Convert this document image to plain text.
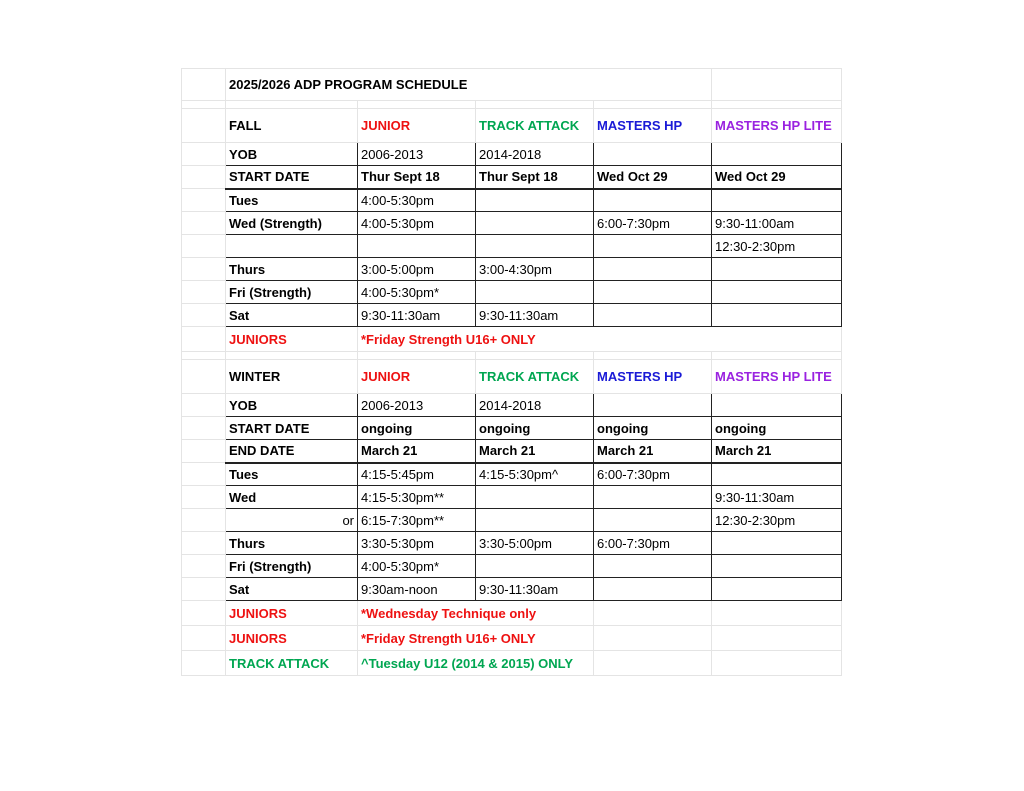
	2025/2026 ADP PROGRAM SCHEDULE				

	FALL	JUNIOR	TRACK ATTACK	MASTERS HP	MASTERS HP LITE
	YOB	2006-2013	2014-2018		
	START DATE	Thur Sept 18	Thur Sept 18	Wed Oct 29	Wed Oct 29
	Tues	4:00-5:30pm			
	Wed (Strength)	4:00-5:30pm		6:00-7:30pm	9:30-11:00am
					12:30-2:30pm
	Thurs	3:00-5:00pm	3:00-4:30pm		
	Fri (Strength)	4:00-5:30pm*			
	Sat	9:30-11:30am	9:30-11:30am		
	JUNIORS	*Friday Strength U16+ ONLY			

	WINTER	JUNIOR	TRACK ATTACK	MASTERS HP	MASTERS HP LITE
	YOB	2006-2013	2014-2018		
	START DATE	ongoing	ongoing	ongoing	ongoing
	END DATE	March 21	March 21	March 21	March 21
	Tues	4:15-5:45pm	4:15-5:30pm^	6:00-7:30pm	
	Wed	4:15-5:30pm**			9:30-11:30am
	or	6:15-7:30pm**			12:30-2:30pm
	Thurs	3:30-5:30pm	3:30-5:00pm	6:00-7:30pm	
	Fri (Strength)	4:00-5:30pm*			
	Sat	9:30am-noon	9:30-11:30am		
	JUNIORS	*Wednesday Technique only			
	JUNIORS	*Friday Strength U16+ ONLY			
	TRACK ATTACK	^Tuesday U12 (2014 & 2015) ONLY			
